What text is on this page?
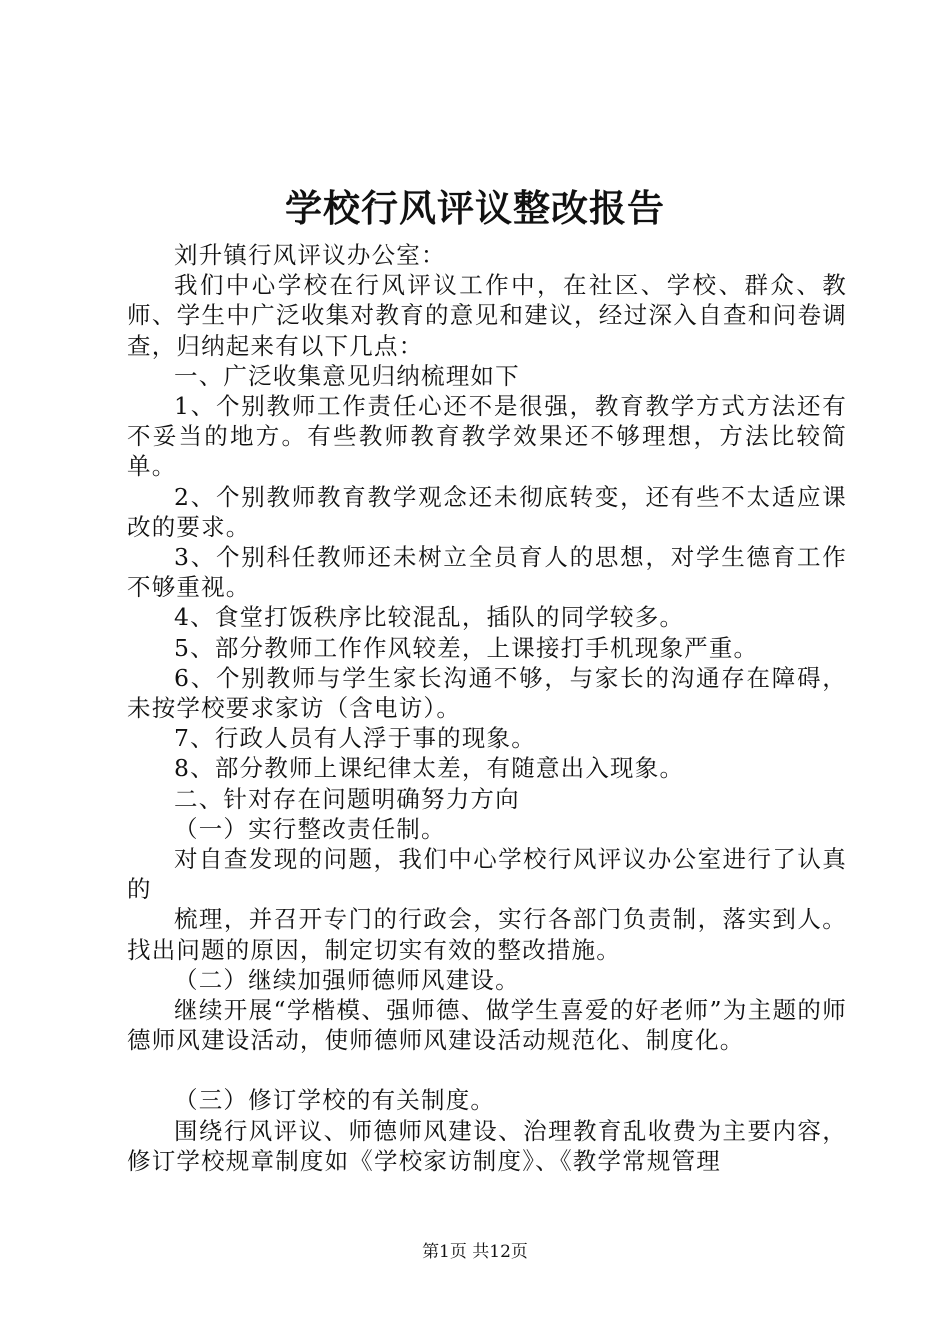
学校行风评议整改报告

刘升镇行风评议办公室：

我们中心学校在行风评议工作中，在社区、学校、群众、教师、学生中广泛收集对教育的意见和建议，经过深入自查和问卷调查，归纳起来有以下几点：

一、广泛收集意见归纳梳理如下

1、个别教师工作责任心还不是很强，教育教学方式方法还有不妥当的地方。有些教师教育教学效果还不够理想，方法比较简单。

2、个别教师教育教学观念还未彻底转变，还有些不太适应课改的要求。

3、个别科任教师还未树立全员育人的思想，对学生德育工作不够重视。

4、食堂打饭秩序比较混乱，插队的同学较多。

5、部分教师工作作风较差，上课接打手机现象严重。

6、个别教师与学生家长沟通不够，与家长的沟通存在障碍，未按学校要求家访（含电访）。

7、行政人员有人浮于事的现象。

8、部分教师上课纪律太差，有随意出入现象。

二、针对存在问题明确努力方向

（一）实行整改责任制。

对自查发现的问题，我们中心学校行风评议办公室进行了认真的

梳理，并召开专门的行政会，实行各部门负责制，落实到人。找出问题的原因，制定切实有效的整改措施。

（二）继续加强师德师风建设。

继续开展“学楷模、强师德、做学生喜爱的好老师”为主题的师德师风建设活动，使师德师风建设活动规范化、制度化。

（三）修订学校的有关制度。

围绕行风评议、师德师风建设、治理教育乱收费为主要内容，修订学校规章制度如《学校家访制度》、《教学常规管理

第1页 共12页
